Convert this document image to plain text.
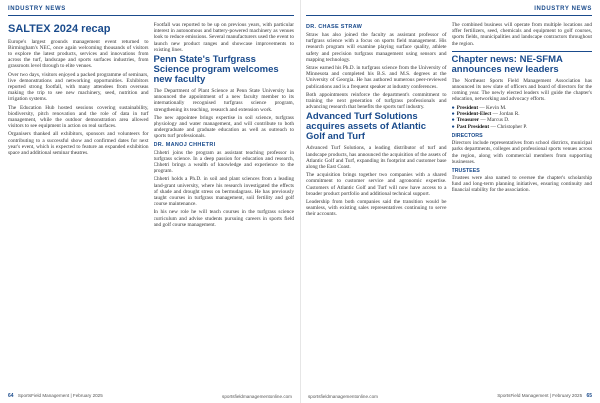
INDUSTRY NEWS
SALTEX 2024 recap

Europe's largest grounds management event returned to Birmingham's NEC, once again welcoming thousands of visitors to explore the latest products, services and innovations from across the turf, landscape and sports surfaces industries, from grassroots level through to elite venues.

Over two days, visitors enjoyed a packed programme of seminars, live demonstrations and networking opportunities. Exhibitors reported strong footfall, with many attendees from overseas making the trip to see new machinery, seed, nutrition and irrigation systems.

The Education Hub hosted sessions covering sustainability, biodiversity, pitch renovation and the role of data in turf management, while the outdoor demonstration area allowed visitors to see equipment in action on real surfaces.

Organisers thanked all exhibitors, sponsors and volunteers for contributing to a successful show and confirmed dates for next year's event, which is expected to feature an expanded exhibition space and additional seminar theatres.

Footfall was reported to be up on previous years, with particular interest in autonomous and battery-powered machinery as venues look to reduce emissions. Several manufacturers used the event to launch new product ranges and showcase improvements to existing lines.

Penn State's Turfgrass Science program welcomes new faculty

The Department of Plant Science at Penn State University has announced the appointment of a new faculty member to its internationally recognised turfgrass science program, strengthening its teaching, research and extension work.

The new appointee brings expertise in soil science, turfgrass physiology and water management, and will contribute to both undergraduate and graduate education as well as outreach to sports turf professionals.

DR. MANOJ CHHETRI

Chhetri joins the program as assistant teaching professor in turfgrass science. In a deep passion for education and research, Chhetri brings a wealth of knowledge and experience to the program.

Chhetri holds a Ph.D. in soil and plant sciences from a leading land-grant university, where his research investigated the effects of shade and drought stress on bermudagrass. He has previously taught courses in turfgrass management, soil fertility and golf course maintenance.

In his new role he will teach courses in the turfgrass science curriculum and advise students pursuing careers in sports field and golf course management.

64 SportsField Management | February 2025	sportsfieldmanagementonline.com
INDUSTRY NEWS
DR. CHASE STRAW

Straw has also joined the faculty as assistant professor of turfgrass science with a focus on sports field management. His research program will examine playing surface quality, athlete safety and precision turfgrass management using sensors and mapping technology.

Straw earned his Ph.D. in turfgrass science from the University of Minnesota and completed his B.S. and M.S. degrees at the University of Georgia. He has authored numerous peer-reviewed publications and is a frequent speaker at industry conferences.

Both appointments reinforce the department's commitment to training the next generation of turfgrass professionals and advancing research that benefits the sports turf industry.

Advanced Turf Solutions acquires assets of Atlantic Golf and Turf

Advanced Turf Solutions, a leading distributor of turf and landscape products, has announced the acquisition of the assets of Atlantic Golf and Turf, expanding its footprint and customer base along the East Coast.

The acquisition brings together two companies with a shared commitment to customer service and agronomic expertise. Customers of Atlantic Golf and Turf will now have access to a broader product portfolio and additional technical support.

Leadership from both companies said the transition would be seamless, with existing sales representatives continuing to serve their accounts.

The combined business will operate from multiple locations and offer fertilizers, seed, chemicals and equipment to golf courses, sports fields, municipalities and landscape contractors throughout the region.

Chapter news: NE-SFMA announces new leaders

The Northeast Sports Field Management Association has announced its new slate of officers and board of directors for the coming year. The newly elected leaders will guide the chapter's education, networking and advocacy efforts.

● President — Kevin M.
● President-Elect — Jordan R.
● Treasurer — Marcus D.
● Past President — Christopher P.

DIRECTORS

Directors include representatives from school districts, municipal parks departments, colleges and professional sports venues across the region, along with commercial members from supporting businesses.

TRUSTEES

Trustees were also named to oversee the chapter's scholarship fund and long-term planning initiatives, ensuring continuity and financial stability for the association.

sportsfieldmanagementonline.com	SportsField Management | February 2025 65
